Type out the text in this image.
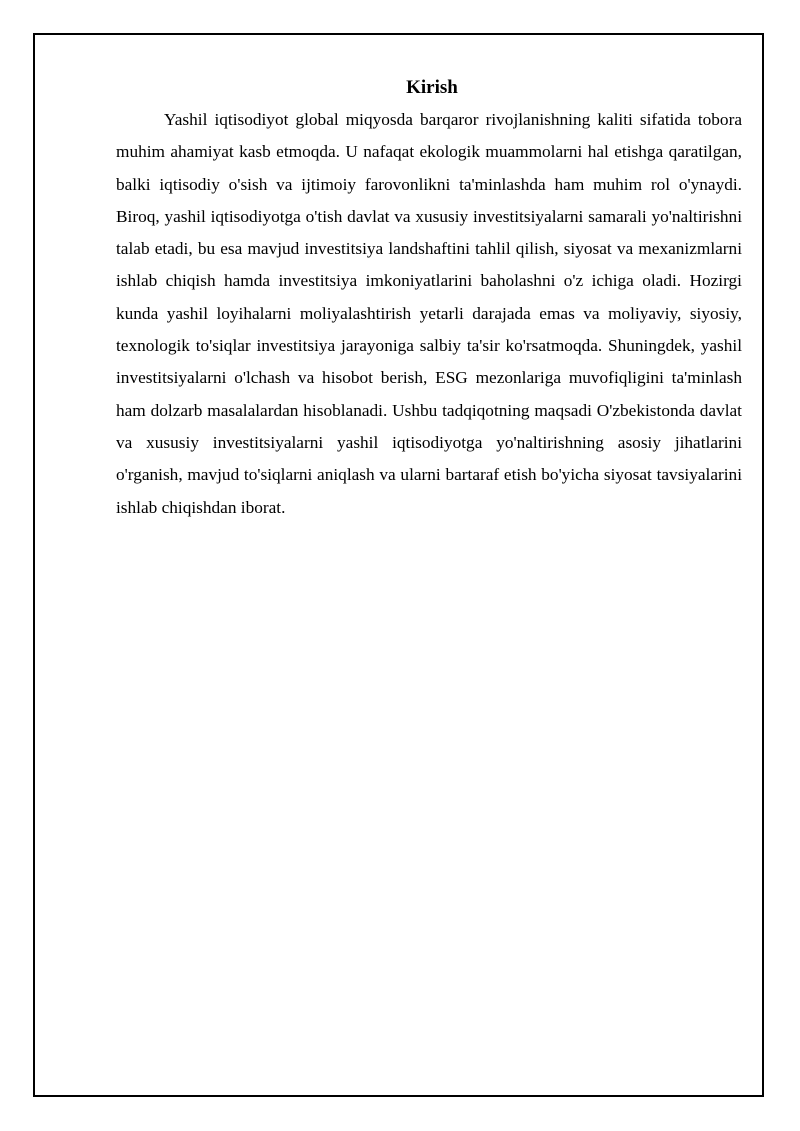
Kirish

Yashil iqtisodiyot global miqyosda barqaror rivojlanishning kaliti sifatida tobora muhim ahamiyat kasb etmoqda. U nafaqat ekologik muammolarni hal etishga qaratilgan, balki iqtisodiy o'sish va ijtimoiy farovonlikni ta'minlashda ham muhim rol o'ynaydi. Biroq, yashil iqtisodiyotga o'tish davlat va xususiy investitsiyalarni samarali yo'naltirishni talab etadi, bu esa mavjud investitsiya landshaftini tahlil qilish, siyosat va mexanizmlarni ishlab chiqish hamda investitsiya imkoniyatlarini baholashni o'z ichiga oladi. Hozirgi kunda yashil loyihalarni moliyalashtirish yetarli darajada emas va moliyaviy, siyosiy, texnologik to'siqlar investitsiya jarayoniga salbiy ta'sir ko'rsatmoqda. Shuningdek, yashil investitsiyalarni o'lchash va hisobot berish, ESG mezonlariga muvofiqligini ta'minlash ham dolzarb masalalardan hisoblanadi. Ushbu tadqiqotning maqsadi O'zbekistonda davlat va xususiy investitsiyalarni yashil iqtisodiyotga yo'naltirishning asosiy jihatlarini o'rganish, mavjud to'siqlarni aniqlash va ularni bartaraf etish bo'yicha siyosat tavsiyalarini ishlab chiqishdan iborat.
